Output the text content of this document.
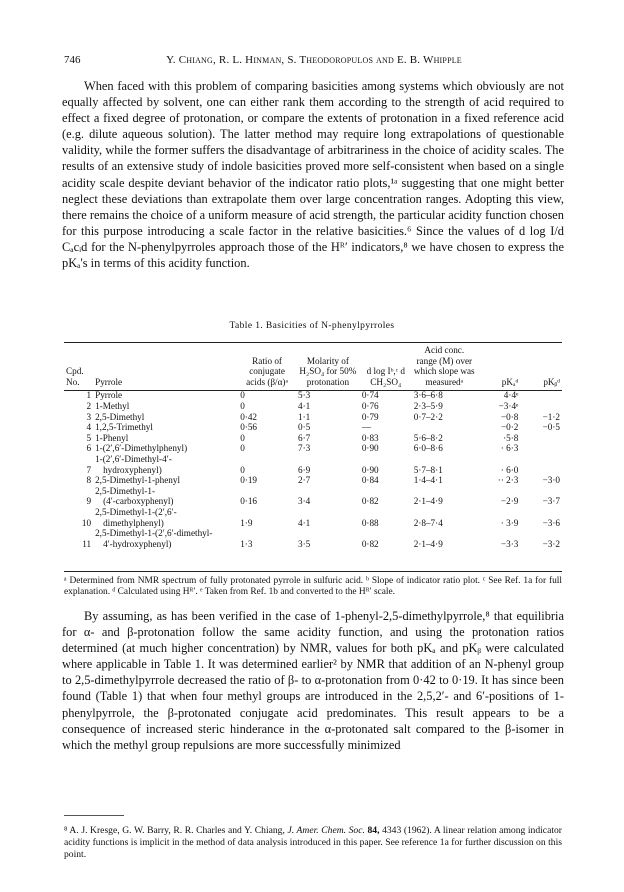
746	Y. Chiang, R. L. Hinman, S. Theodoropulos and E. B. Whipple

When faced with this problem of comparing basicities among systems which obviously are not equally affected by solvent, one can either rank them according to the strength of acid required to effect a fixed degree of protonation, or compare the extents of protonation in a fixed reference acid (e.g. dilute aqueous solution). The latter method may require long extrapolations of questionable validity, while the former suffers the disadvantage of arbitrariness in the choice of acidity scales. The results of an extensive study of indole basicities proved more self-consistent when based on a single acidity scale despite deviant behavior of the indicator ratio plots,¹ᵃ suggesting that one might better neglect these deviations than extrapolate them over large concentration ranges. Adopting this view, there remains the choice of a uniform measure of acid strength, the particular acidity function chosen for this purpose introducing a scale factor in the relative basicities.⁶ Since the values of d log I/d Cₐcᵢd for the N-phenylpyrroles approach those of the Hᴿ′ indicators,⁸ we have chosen to express the pKₐ's in terms of this acidity function.

Table 1. Basicities of N-phenylpyrroles
Cpd. No.	Pyrrole	Ratio of conjugate acids (β/α)ᵃ	Molarity of H₂SO₄ for 50% protonation	d log Iᵇ,ᶜ d CH₂SO₄	Acid conc. range (M) over which slope was measuredᵃ	pKₐᵈ	pKᵦᵈ
1	Pyrrole	0	5·3	0·74	3·6–6·8	4·4ᵉ	
2	1-Methyl	0	4·1	0·76	2·3–5·9	−3·4ᵉ	
3	2,5-Dimethyl	0·42	1·1	0·79	0·7–2·2	−0·8	−1·2
4	1,2,5-Trimethyl	0·56	0·5	—		−0·2	−0·5
5	1-Phenyl	0	6·7	0·83	5·6–8·2	·5·8	
6	1-(2′,6′-Dimethylphenyl)	0	7·3	0·90	6·0–8·6	· 6·3	
7	1-(2′,6′-Dimethyl-4′-
hydroxyphenyl)	0	6·9	0·90	5·7–8·1	· 6·0	
8	2,5-Dimethyl-1-phenyl	0·19	2·7	0·84	1·4–4·1	·· 2·3	−3·0
9	2,5-Dimethyl-1-
(4′-carboxyphenyl)	0·16	3·4	0·82	2·1–4·9	−2·9	−3·7
10	2,5-Dimethyl-1-(2′,6′-
dimethylphenyl)	1·9	4·1	0·88	2·8–7·4	· 3·9	−3·6
11	2,5-Dimethyl-1-(2′,6′-dimethyl-
4′-hydroxyphenyl)	1·3	3·5	0·82	2·1–4·9	−3·3	−3·2

ᵃ Determined from NMR spectrum of fully protonated pyrrole in sulfuric acid. ᵇ Slope of indicator ratio plot. ᶜ See Ref. 1a for full explanation. ᵈ Calculated using Hᴿ′. ᵉ Taken from Ref. 1b and converted to the Hᴿ′ scale.

By assuming, as has been verified in the case of 1-phenyl-2,5-dimethylpyrrole,⁸ that equilibria for α- and β-protonation follow the same acidity function, and using the protonation ratios determined (at much higher concentration) by NMR, values for both pKₐ and pKᵦ were calculated where applicable in Table 1. It was determined earlier² by NMR that addition of an N-phenyl group to 2,5-dimethylpyrrole decreased the ratio of β- to α-protonation from 0·42 to 0·19. It has since been found (Table 1) that when four methyl groups are introduced in the 2,5,2′- and 6′-positions of 1-phenylpyrrole, the β-protonated conjugate acid predominates. This result appears to be a consequence of increased steric hinderance in the α-protonated salt compared to the β-isomer in which the methyl group repulsions are more successfully minimized

⁸ A. J. Kresge, G. W. Barry, R. R. Charles and Y. Chiang, J. Amer. Chem. Soc. 84, 4343 (1962). A linear relation among indicator acidity functions is implicit in the method of data analysis introduced in this paper. See reference 1a for further discussion on this point.
